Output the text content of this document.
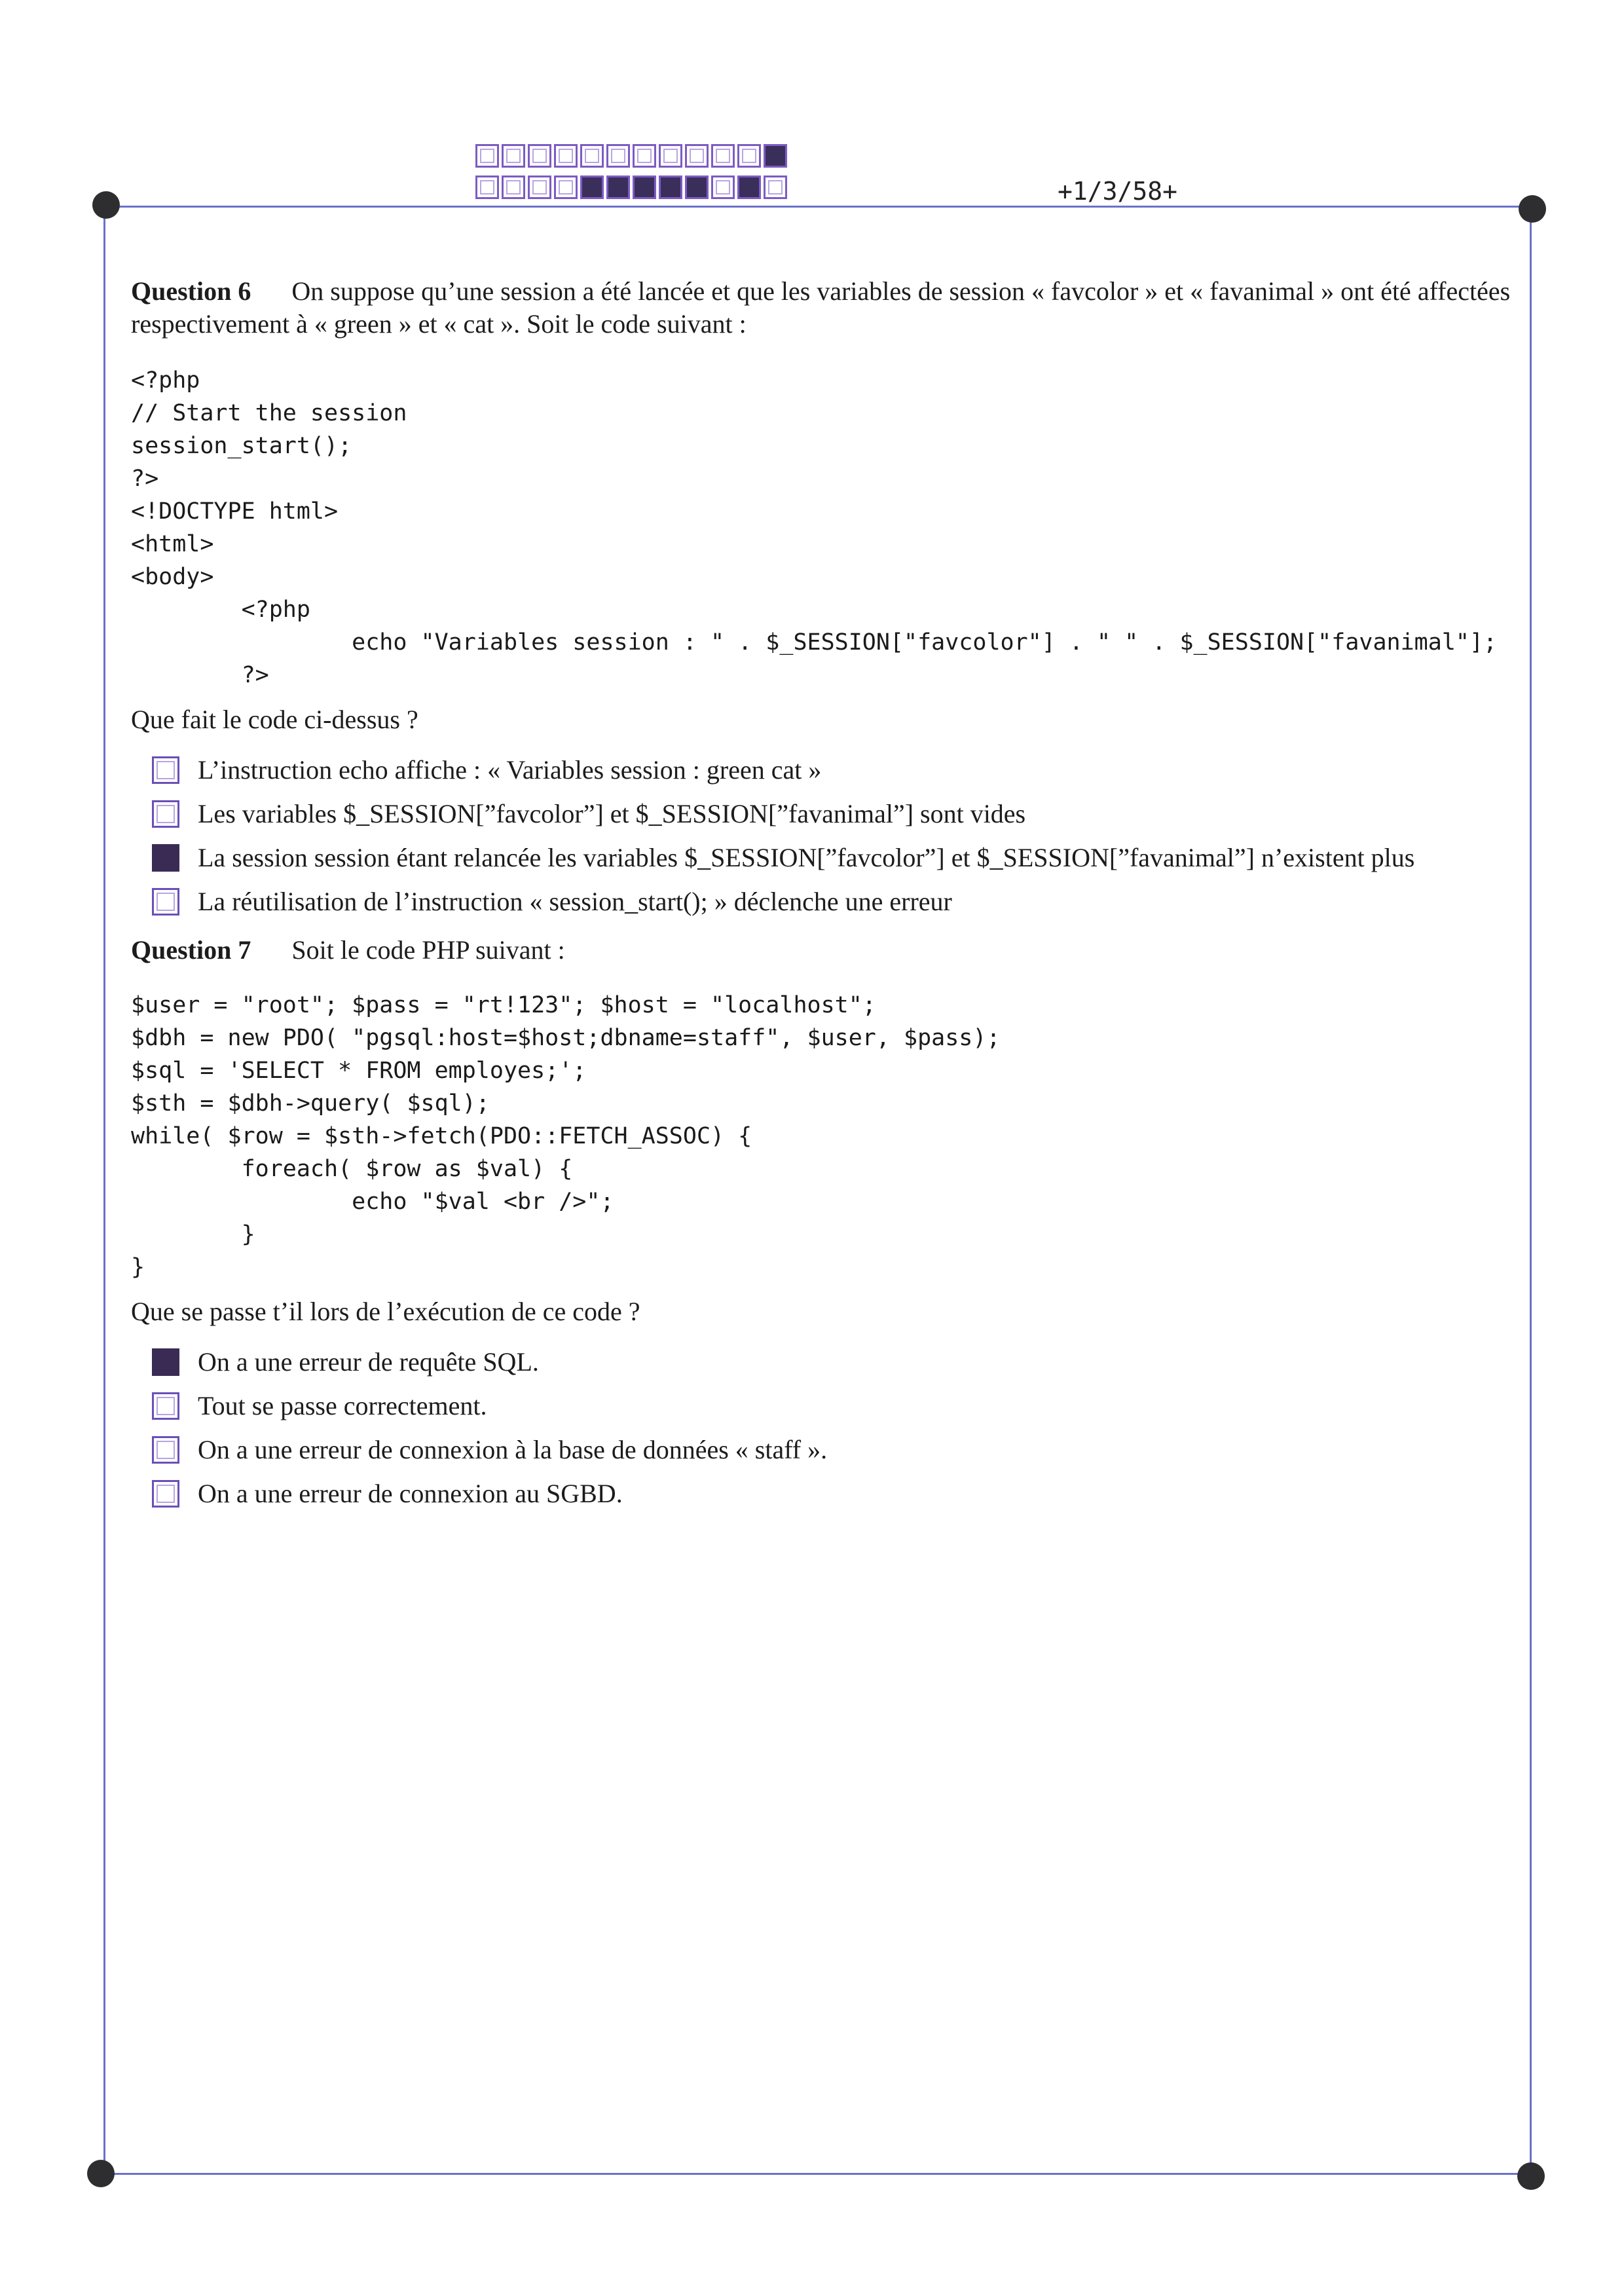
+1/3/58+

Question 6 On suppose qu’une session a été lancée et que les variables de session « favcolor » et « favanimal » ont été affectées respectivement à « green » et « cat ». Soit le code suivant :

<?php
// Start the session
session_start();
?>
<!DOCTYPE html>
<html>
<body>
<?php
echo "Variables session : " . $_SESSION["favcolor"] . " " . $_SESSION["favanimal"];
?>

Que fait le code ci-dessus ?

L’instruction echo affiche : « Variables session : green cat »
Les variables $_SESSION[”favcolor”] et $_SESSION[”favanimal”] sont vides
La session session étant relancée les variables $_SESSION[”favcolor”] et $_SESSION[”favanimal”] n’existent plus
La réutilisation de l’instruction « session_start(); » déclenche une erreur

Question 7 Soit le code PHP suivant :

$user = "root"; $pass = "rt!123"; $host = "localhost";
$dbh = new PDO( "pgsql:host=$host;dbname=staff", $user, $pass);
$sql = 'SELECT * FROM employes;';
$sth = $dbh->query( $sql);
while( $row = $sth->fetch(PDO::FETCH_ASSOC) {
foreach( $row as $val) {
echo "$val <br />";
}
}

Que se passe t’il lors de l’exécution de ce code ?

On a une erreur de requête SQL.
Tout se passe correctement.
On a une erreur de connexion à la base de données « staff ».
On a une erreur de connexion au SGBD.
